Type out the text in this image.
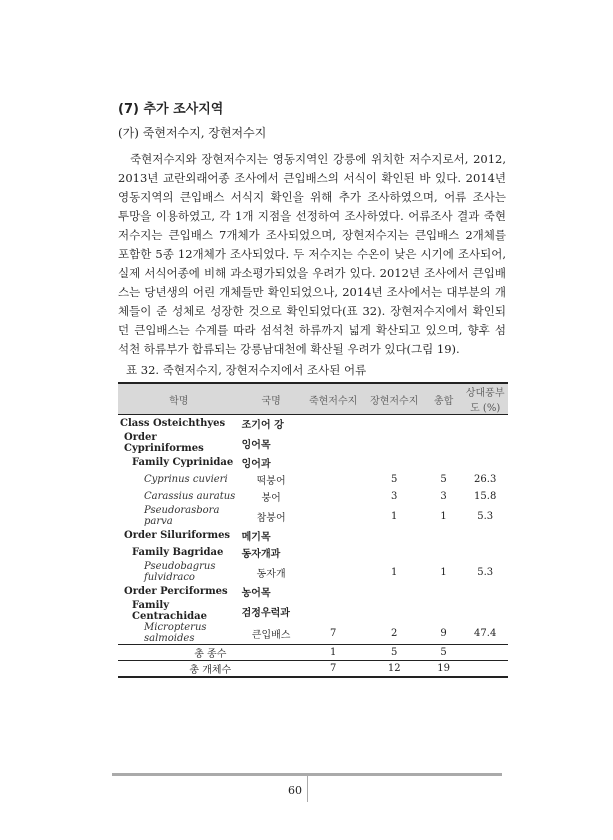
(7) 추가 조사지역
(가) 죽현저수지, 장현저수지
죽현저수지와 장현저수지는 영동지역인 강릉에 위치한 저수지로서, 2012,
2013년 교란외래어종 조사에서 큰입배스의 서식이 확인된 바 있다. 2014년
영동지역의 큰입배스 서식지 확인을 위해 추가 조사하였으며, 어류 조사는
투망을 이용하였고, 각 1개 지점을 선정하여 조사하였다. 어류조사 결과 죽현
저수지는 큰입배스 7개체가 조사되었으며, 장현저수지는 큰입배스 2개체를
포함한 5종 12개체가 조사되었다. 두 저수지는 수온이 낮은 시기에 조사되어,
실제 서식어종에 비해 과소평가되었을 우려가 있다. 2012년 조사에서 큰입배
스는 당년생의 어린 개체들만 확인되었으나, 2014년 조사에서는 대부분의 개
체들이 준 성체로 성장한 것으로 확인되었다(표 32). 장현저수지에서 확인되
던 큰입배스는 수계를 따라 섬석천 하류까지 넓게 확산되고 있으며, 향후 섬
석천 하류부가 합류되는 강릉남대천에 확산될 우려가 있다(그림 19).
표 32. 죽현저수지, 장현저수지에서 조사된 어류
학명	국명	죽현저수지	장현저수지	총합	상대풍부도 (%)
Class Osteichthyes	조기어 강				
Order Cypriniformes	잉어목				
Family Cyprinidae	잉어과				
Cyprinus cuvieri	떡붕어		5	5	26.3
Carassius auratus	붕어		3	3	15.8
Pseudorasbora parva	참붕어		1	1	5.3
Order Siluriformes	메기목				
Family Bagridae	동자개과				
Pseudobagrus fulvidraco	동자개		1	1	5.3
Order Perciformes	농어목				
Family Centrachidae	검정우럭과				
Micropterus salmoides	큰입배스	7	2	9	47.4
총 종수		1	5	5	
총 개체수		7	12	19	
60
